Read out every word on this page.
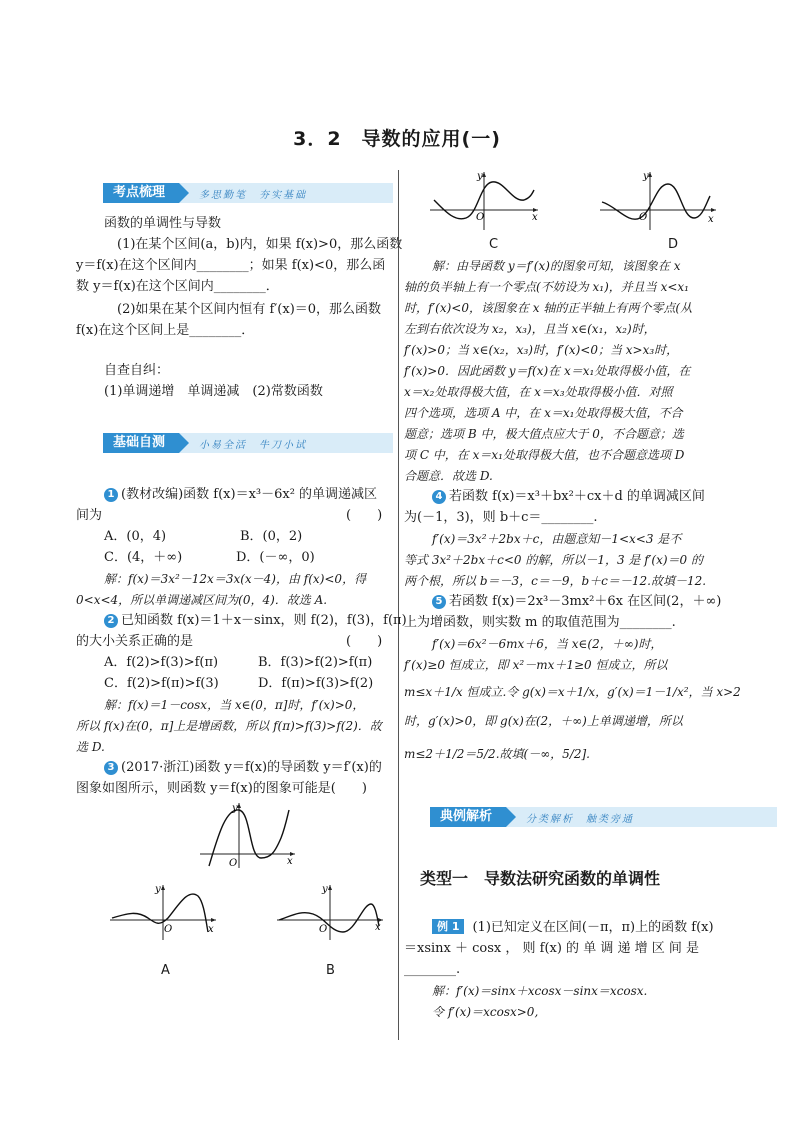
3．2　导数的应用(一)
考点梳理	多思勤笔　夯实基础
函数的单调性与导数
　(1)在某个区间(a，b)内，如果 f(x)>0，那么函数
y＝f(x)在这个区间内________；如果 f(x)<0，那么函
数 y＝f(x)在这个区间内________．
　(2)如果在某个区间内恒有 f′(x)＝0，那么函数
f(x)在这个区间上是________．
自查自纠：
(1)单调递增　单调递减　(2)常数函数
基础自测	小易全活　牛刀小试
1 (教材改编)函数 f(x)＝x³－6x² 的单调递减区
间为	(　　)
A．(0，4)	B．(0，2)
C．(4，＋∞)	D．(－∞，0)
解：f(x)＝3x²－12x＝3x(x－4)，由 f(x)<0，得
0<x<4，所以单调递减区间为(0，4)．故选 A.
2 已知函数 f(x)＝1＋x－sinx，则 f(2)，f(3)，f(π)
的大小关系正确的是	(　　)
A．f(2)>f(3)>f(π)	B．f(3)>f(2)>f(π)
C．f(2)>f(π)>f(3)	D．f(π)>f(3)>f(2)
解：f(x)＝1－cosx，当 x∈(0，π]时，f′(x)>0，
所以 f(x)在(0，π]上是增函数，所以 f(π)>f(3)>f(2)．故
选 D.
3 (2017·浙江)函数 y＝f(x)的导函数 y＝f′(x)的
图象如图所示，则函数 y＝f(x)的图象可能是(　　)
y
O	x
y
O	x
A
y
O	x
B
y
O	x
C
y
O	x
D
解：由导函数 y＝f′(x)的图象可知，该图象在 x
轴的负半轴上有一个零点(不妨设为 x₁)，并且当 x<x₁
时，f′(x)<0，该图象在 x 轴的正半轴上有两个零点(从
左到右依次设为 x₂，x₃)，且当 x∈(x₁，x₂)时，
f′(x)>0；当 x∈(x₂，x₃)时，f′(x)<0；当 x>x₃时，
f′(x)>0．因此函数 y＝f(x)在 x＝x₁处取得极小值，在
x＝x₂处取得极大值，在 x＝x₃处取得极小值．对照
四个选项，选项 A 中，在 x＝x₁处取得极大值，不合
题意；选项 B 中，极大值点应大于 0，不合题意；选
项 C 中，在 x＝x₁处取得极大值，也不合题意选项 D
合题意．故选 D.
4 若函数 f(x)＝x³＋bx²＋cx＋d 的单调减区间
为(－1，3)，则 b＋c＝________.
f′(x)＝3x²＋2bx＋c，由题意知－1<x<3 是不
等式 3x²＋2bx＋c<0 的解，所以－1，3 是 f′(x)＝0 的
两个根，所以 b＝－3，c＝－9，b＋c＝－12.故填－12.
5 若函数 f(x)＝2x³－3mx²＋6x 在区间(2，＋∞)
上为增函数，则实数 m 的取值范围为________.
f′(x)＝6x²－6mx＋6，当 x∈(2，＋∞)时，
f′(x)≥0 恒成立，即 x²－mx＋1≥0 恒成立，所以
m≤x＋1/x 恒成立.令 g(x)＝x＋1/x，g′(x)＝1－1/x²，当 x>2
时，g′(x)>0，即 g(x)在(2，＋∞)上单调递增，所以
m≤2＋1/2＝5/2.故填(－∞，5/2].
典例解析	分类解析　触类旁通
类型一　导数法研究函数的单调性
例 1 (1)已知定义在区间(－π，π)上的函数 f(x)
＝xsinx ＋ cosx ， 则 f(x) 的 单 调 递 增 区 间 是
________.
解：f′(x)＝sinx＋xcosx－sinx＝xcosx.
令 f′(x)＝xcosx>0,
